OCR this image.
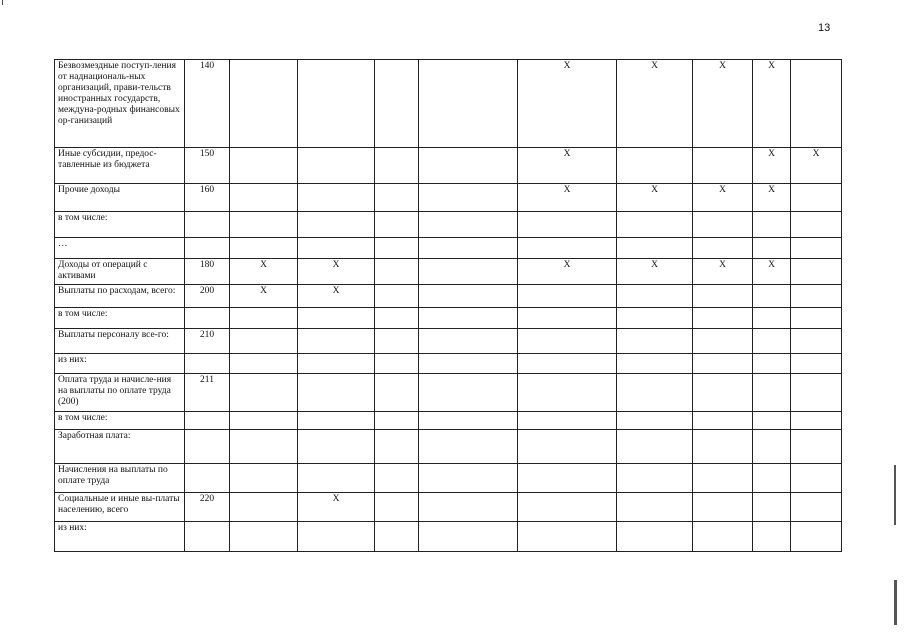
13
Безвозмездные поступ-ления от наднациональ-ных организаций, прави-тельств иностранных государств, междуна-родных финансовых ор-ганизаций	140					Х	Х	Х	Х		
Иные субсидии, предос-тавленные из бюджета	150					Х			Х	Х	
Прочие доходы	160					Х	Х	Х	Х		
в том числе:											
…											
Доходы от операций с активами	180	Х	Х			Х	Х	Х	Х		
Выплаты по расходам, всего:	200	Х	Х								
в том числе:											
Выплаты персоналу все-го:	210										
из них:											
Оплата труда и начисле-ния на выплаты по оплате труда (200)	211										
в том числе:											
Заработная плата:											
Начисления на выплаты по оплате труда											
Социальные и иные вы-платы населению, всего	220		Х								
из них:											
